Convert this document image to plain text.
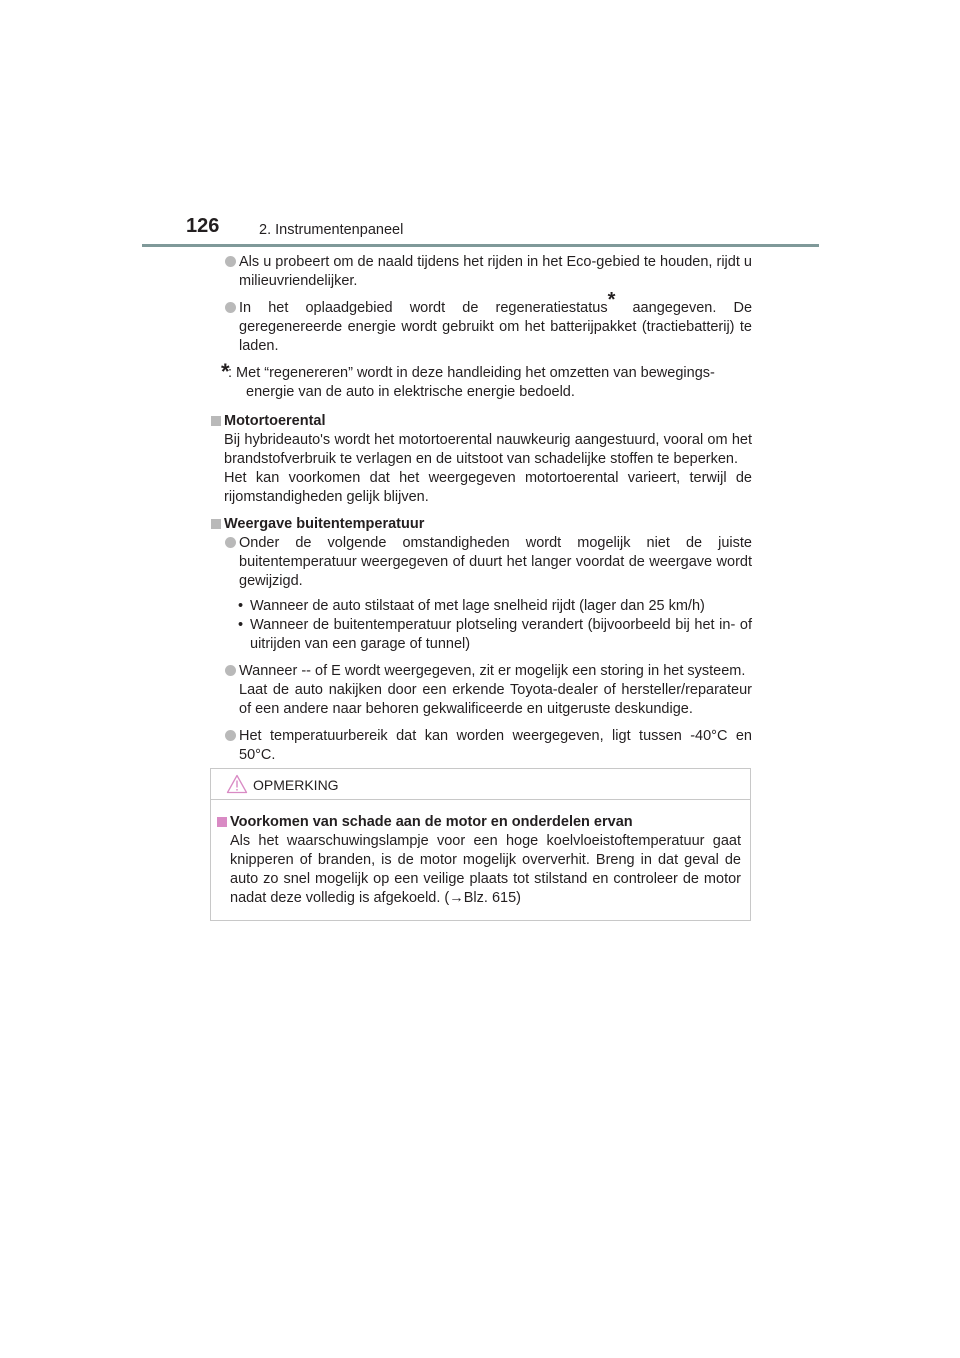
126	2. Instrumentenpaneel

Als u probeert om de naald tijdens het rijden in het Eco-gebied te houden, rijdt u milieuvriendelijker.

In het oplaadgebied wordt de regeneratiestatus* aangegeven. De geregenereerde energie wordt gebruikt om het batterijpakket (tractiebatterij) te laden.

*

: Met “regenereren” wordt in deze handleiding het omzetten van bewegings-

energie van de auto in elektrische energie bedoeld.

Motortoerental

Bij hybrideauto's wordt het motortoerental nauwkeurig aangestuurd, vooral om het brandstofverbruik te verlagen en de uitstoot van schadelijke stoffen te beperken.

Het kan voorkomen dat het weergegeven motortoerental varieert, terwijl de rijomstandigheden gelijk blijven.

Weergave buitentemperatuur

Onder de volgende omstandigheden wordt mogelijk niet de juiste buitentemperatuur weergegeven of duurt het langer voordat de weergave wordt gewijzigd.

• Wanneer de auto stilstaat of met lage snelheid rijdt (lager dan 25 km/h)

• Wanneer de buitentemperatuur plotseling verandert (bijvoorbeeld bij het in- of uitrijden van een garage of tunnel)

Wanneer -- of E wordt weergegeven, zit er mogelijk een storing in het systeem.

Laat de auto nakijken door een erkende Toyota-dealer of hersteller/reparateur of een andere naar behoren gekwalificeerde en uitgeruste deskundige.

Het temperatuurbereik dat kan worden weergegeven, ligt tussen -40°C en 50°C.

OPMERKING

Voorkomen van schade aan de motor en onderdelen ervan

Als het waarschuwingslampje voor een hoge koelvloeistoftemperatuur gaat knipperen of branden, is de motor mogelijk oververhit. Breng in dat geval de auto zo snel mogelijk op een veilige plaats tot stilstand en controleer de motor nadat deze volledig is afgekoeld. (→Blz. 615)
